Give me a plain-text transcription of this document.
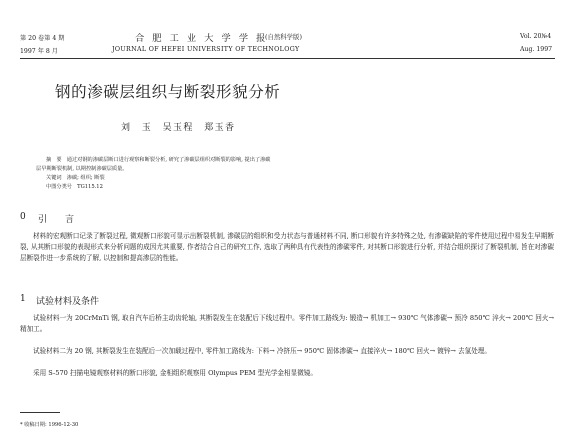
第 20 卷第 4 期	合 肥 工 业 大 学 学 报
(自然科学版)	Vol. 20№4
1997 年 8 月	JOURNAL OF HEFEI UNIVERSITY OF TECHNOLOGY	Aug. 1997
钢的渗碳层组织与断裂形貌分析
刘　玉　吴玉程　郑玉香
摘　要　通过对钢的渗碳层断口进行观察和断裂分析, 研究了渗碳层组织对断裂的影响, 提出了渗碳
层早期断裂机制, 以期控制渗碳层质量。
关键词　渗碳; 组织; 断裂
中图分类号　TG115.12
0 引　　言
材料的宏观断口记录了断裂过程, 微观断口形貌可显示出断裂机制, 渗碳层的组织和受力状态与普通材料不同, 断口形貌有许多特殊之处, 有渗碳缺陷的零件使用过程中易发生早期断裂, 从其断口形貌的表现形式来分析问题的成因尤其重要, 作者结合自己的研究工作, 选取了两种具有代表性的渗碳零件, 对其断口形貌进行分析, 并结合组织探讨了断裂机制, 旨在对渗碳层断裂作进一步系统的了解, 以控制和提高渗层的性能。
1 试验材料及条件
试验材料一为 20CrMnTi 钢, 取自汽车后桥主动齿轮轴, 其断裂发生在装配后下线过程中。零件加工路线为: 锻造→ 机加工→ 930℃ 气体渗碳→ 预冷 850℃ 淬火→ 200℃ 回火→ 精加工。
试验材料二为 20 钢, 其断裂发生在装配后一次加载过程中, 零件加工路线为: 下料→ 冷挤压→ 950℃ 固体渗碳→ 直接淬火→ 180℃ 回火→ 镀锌→ 去氢处理。
采用 S-570 扫描电镜观察材料的断口形貌, 金相组织观察用 Olympus PEM 型光学金相显微镜。
* 收稿日期: 1996-12-30
